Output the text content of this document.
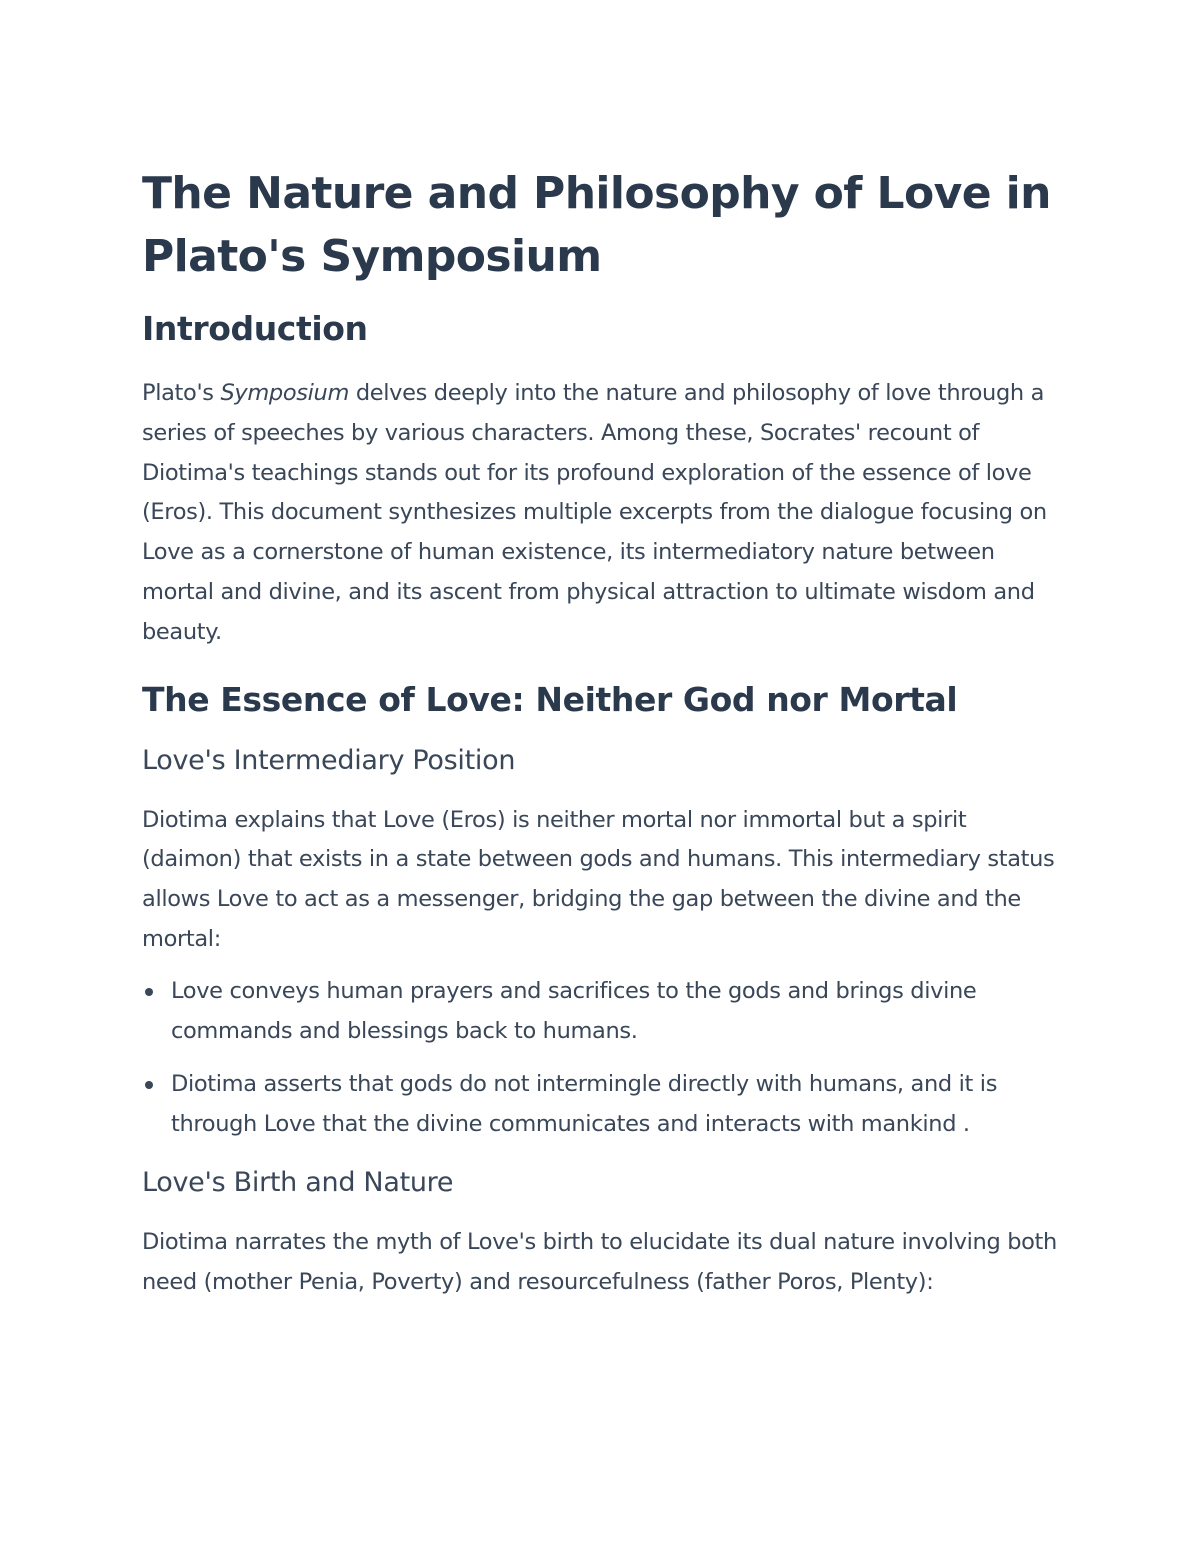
The Nature and Philosophy of Love in Plato's Symposium
Introduction

Plato's Symposium delves deeply into the nature and philosophy of love through a series of speeches by various characters. Among these, Socrates' recount of Diotima's teachings stands out for its profound exploration of the essence of love (Eros). This document synthesizes multiple excerpts from the dialogue focusing on Love as a cornerstone of human existence, its intermediatory nature between mortal and divine, and its ascent from physical attraction to ultimate wisdom and beauty.

The Essence of Love: Neither God nor Mortal
Love's Intermediary Position

Diotima explains that Love (Eros) is neither mortal nor immortal but a spirit (daimon) that exists in a state between gods and humans. This intermediary status allows Love to act as a messenger, bridging the gap between the divine and the mortal:

Love conveys human prayers and sacrifices to the gods and brings divine commands and blessings back to humans.
Diotima asserts that gods do not intermingle directly with humans, and it is through Love that the divine communicates and interacts with mankind .
Love's Birth and Nature

Diotima narrates the myth of Love's birth to elucidate its dual nature involving both need (mother Penia, Poverty) and resourcefulness (father Poros, Plenty):
